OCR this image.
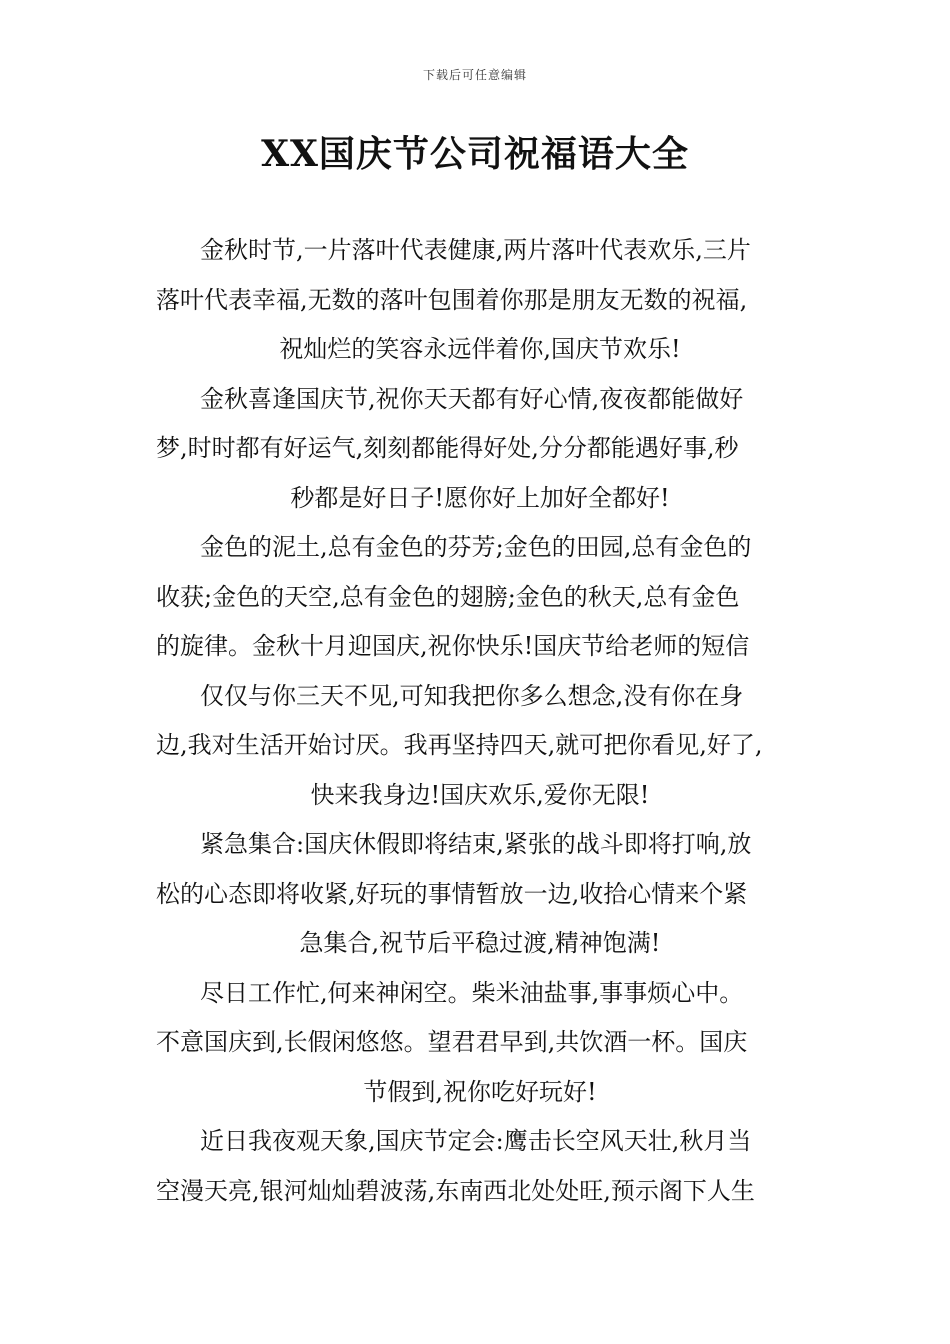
下载后可任意编辑
XX国庆节公司祝福语大全
金秋时节,一片落叶代表健康,两片落叶代表欢乐,三片
落叶代表幸福,无数的落叶包围着你那是朋友无数的祝福,
祝灿烂的笑容永远伴着你,国庆节欢乐!
金秋喜逢国庆节,祝你天天都有好心情,夜夜都能做好
梦,时时都有好运气,刻刻都能得好处,分分都能遇好事,秒
秒都是好日子!愿你好上加好全都好!
金色的泥土,总有金色的芬芳;金色的田园,总有金色的
收获;金色的天空,总有金色的翅膀;金色的秋天,总有金色
的旋律。金秋十月迎国庆,祝你快乐!国庆节给老师的短信
仅仅与你三天不见,可知我把你多么想念,没有你在身
边,我对生活开始讨厌。我再坚持四天,就可把你看见,好了,
快来我身边!国庆欢乐,爱你无限!
紧急集合:国庆休假即将结束,紧张的战斗即将打响,放
松的心态即将收紧,好玩的事情暂放一边,收拾心情来个紧
急集合,祝节后平稳过渡,精神饱满!
尽日工作忙,何来神闲空。柴米油盐事,事事烦心中。
不意国庆到,长假闲悠悠。望君君早到,共饮酒一杯。国庆
节假到,祝你吃好玩好!
近日我夜观天象,国庆节定会:鹰击长空风天壮,秋月当
空漫天亮,银河灿灿碧波荡,东南西北处处旺,预示阁下人生
